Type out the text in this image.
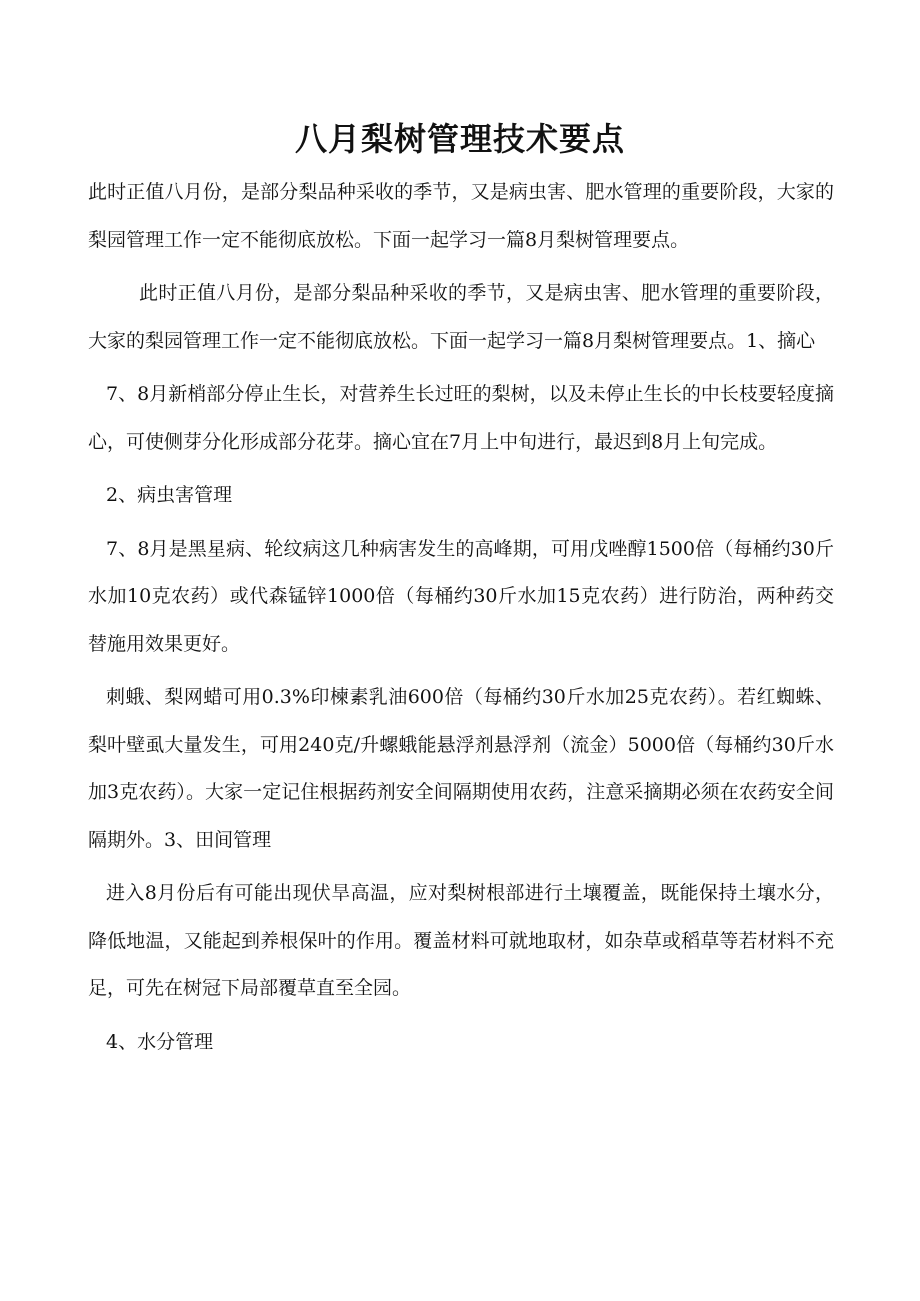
八月梨树管理技术要点

此时正值八月份，是部分梨品种采收的季节，又是病虫害、肥水管理的重要阶段，大家的梨园管理工作一定不能彻底放松。下面一起学习一篇8月梨树管理要点。

此时正值八月份，是部分梨品种采收的季节，又是病虫害、肥水管理的重要阶段，大家的梨园管理工作一定不能彻底放松。下面一起学习一篇8月梨树管理要点。1、摘心

7、8月新梢部分停止生长，对营养生长过旺的梨树，以及未停止生长的中长枝要轻度摘心，可使侧芽分化形成部分花芽。摘心宜在7月上中旬进行，最迟到8月上旬完成。

2、病虫害管理

7、8月是黑星病、轮纹病这几种病害发生的高峰期，可用戊唑醇1500倍（每桶约30斤水加10克农药）或代森锰锌1000倍（每桶约30斤水加15克农药）进行防治，两种药交替施用效果更好。

刺蛾、梨网蜡可用0.3%印楝素乳油600倍（每桶约30斤水加25克农药）。若红蜘蛛、梨叶壁虱大量发生，可用240克/升螺蛾能悬浮剂悬浮剂（流金）5000倍（每桶约30斤水加3克农药）。大家一定记住根据药剂安全间隔期使用农药，注意采摘期必须在农药安全间隔期外。3、田间管理

进入8月份后有可能出现伏旱高温，应对梨树根部进行土壤覆盖，既能保持土壤水分，降低地温，又能起到养根保叶的作用。覆盖材料可就地取材，如杂草或稻草等若材料不充足，可先在树冠下局部覆草直至全园。

4、水分管理
